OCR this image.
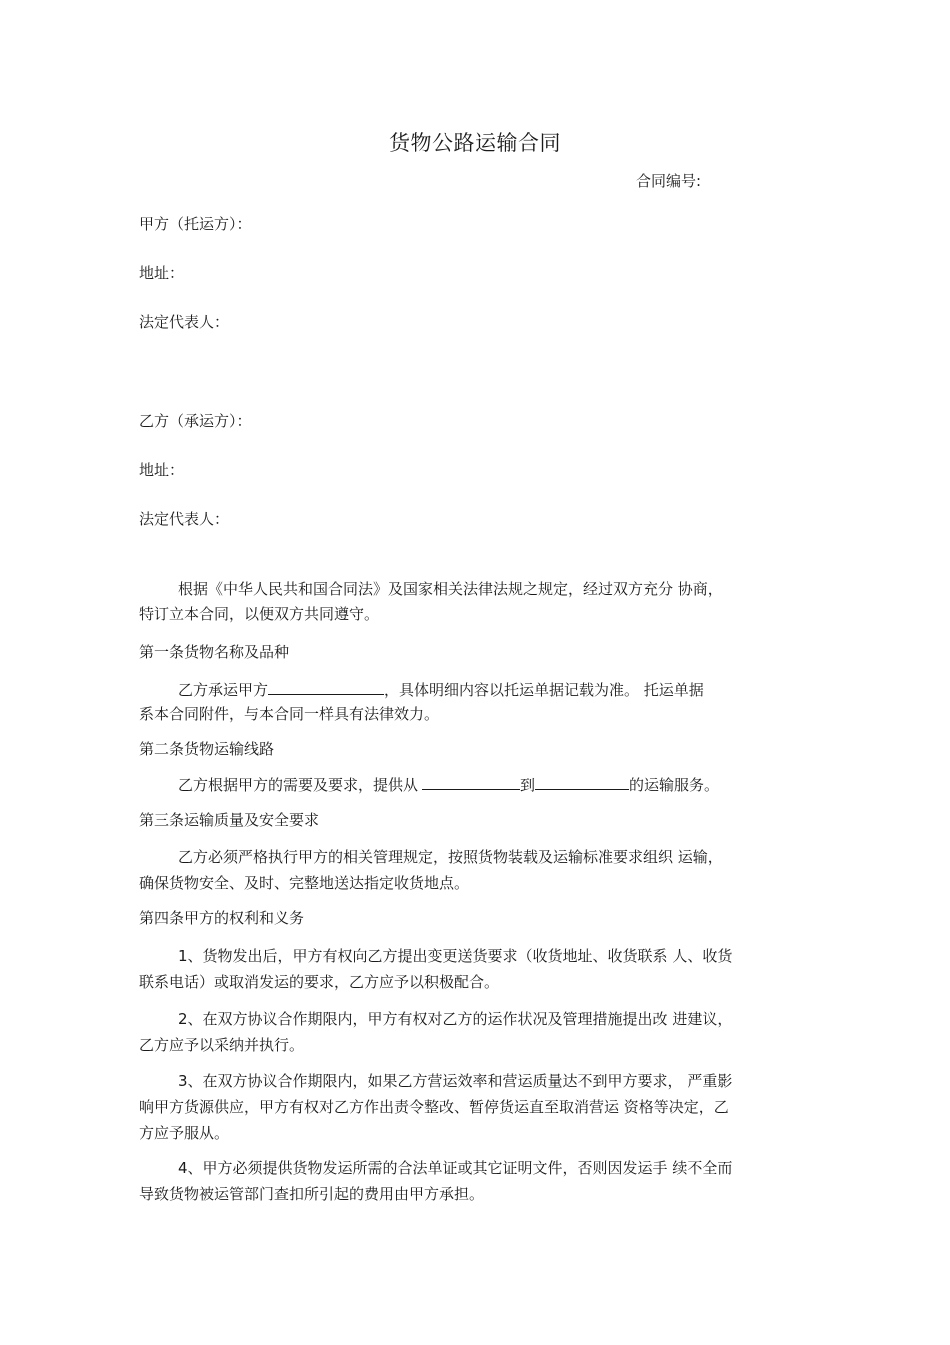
货物公路运输合同
合同编号:
甲方（托运方）：
地址：
法定代表人：
乙方（承运方）：
地址：
法定代表人：
根据《中华人民共和国合同法》及国家相关法律法规之规定，经过双方充分 协商，
特订立本合同，以便双方共同遵守。
第一条货物名称及品种
乙方承运甲方	，具体明细内容以托运单据记载为准。 托运单据
系本合同附件，与本合同一样具有法律效力。
第二条货物运输线路
乙方根据甲方的需要及要求，提供从	到	的运输服务。
第三条运输质量及安全要求
乙方必须严格执行甲方的相关管理规定，按照货物装载及运输标准要求组织 运输，
确保货物安全、及时、完整地送达指定收货地点。
第四条甲方的权利和义务
1、货物发出后，甲方有权向乙方提出变更送货要求（收货地址、收货联系 人、收货
联系电话）或取消发运的要求，乙方应予以积极配合。
2、在双方协议合作期限内，甲方有权对乙方的运作状况及管理措施提出改 进建议，
乙方应予以采纳并执行。
3、在双方协议合作期限内，如果乙方营运效率和营运质量达不到甲方要求， 严重影
响甲方货源供应，甲方有权对乙方作出责令整改、暂停货运直至取消营运 资格等决定，乙
方应予服从。
4、甲方必须提供货物发运所需的合法单证或其它证明文件，否则因发运手 续不全而
导致货物被运管部门查扣所引起的费用由甲方承担。
